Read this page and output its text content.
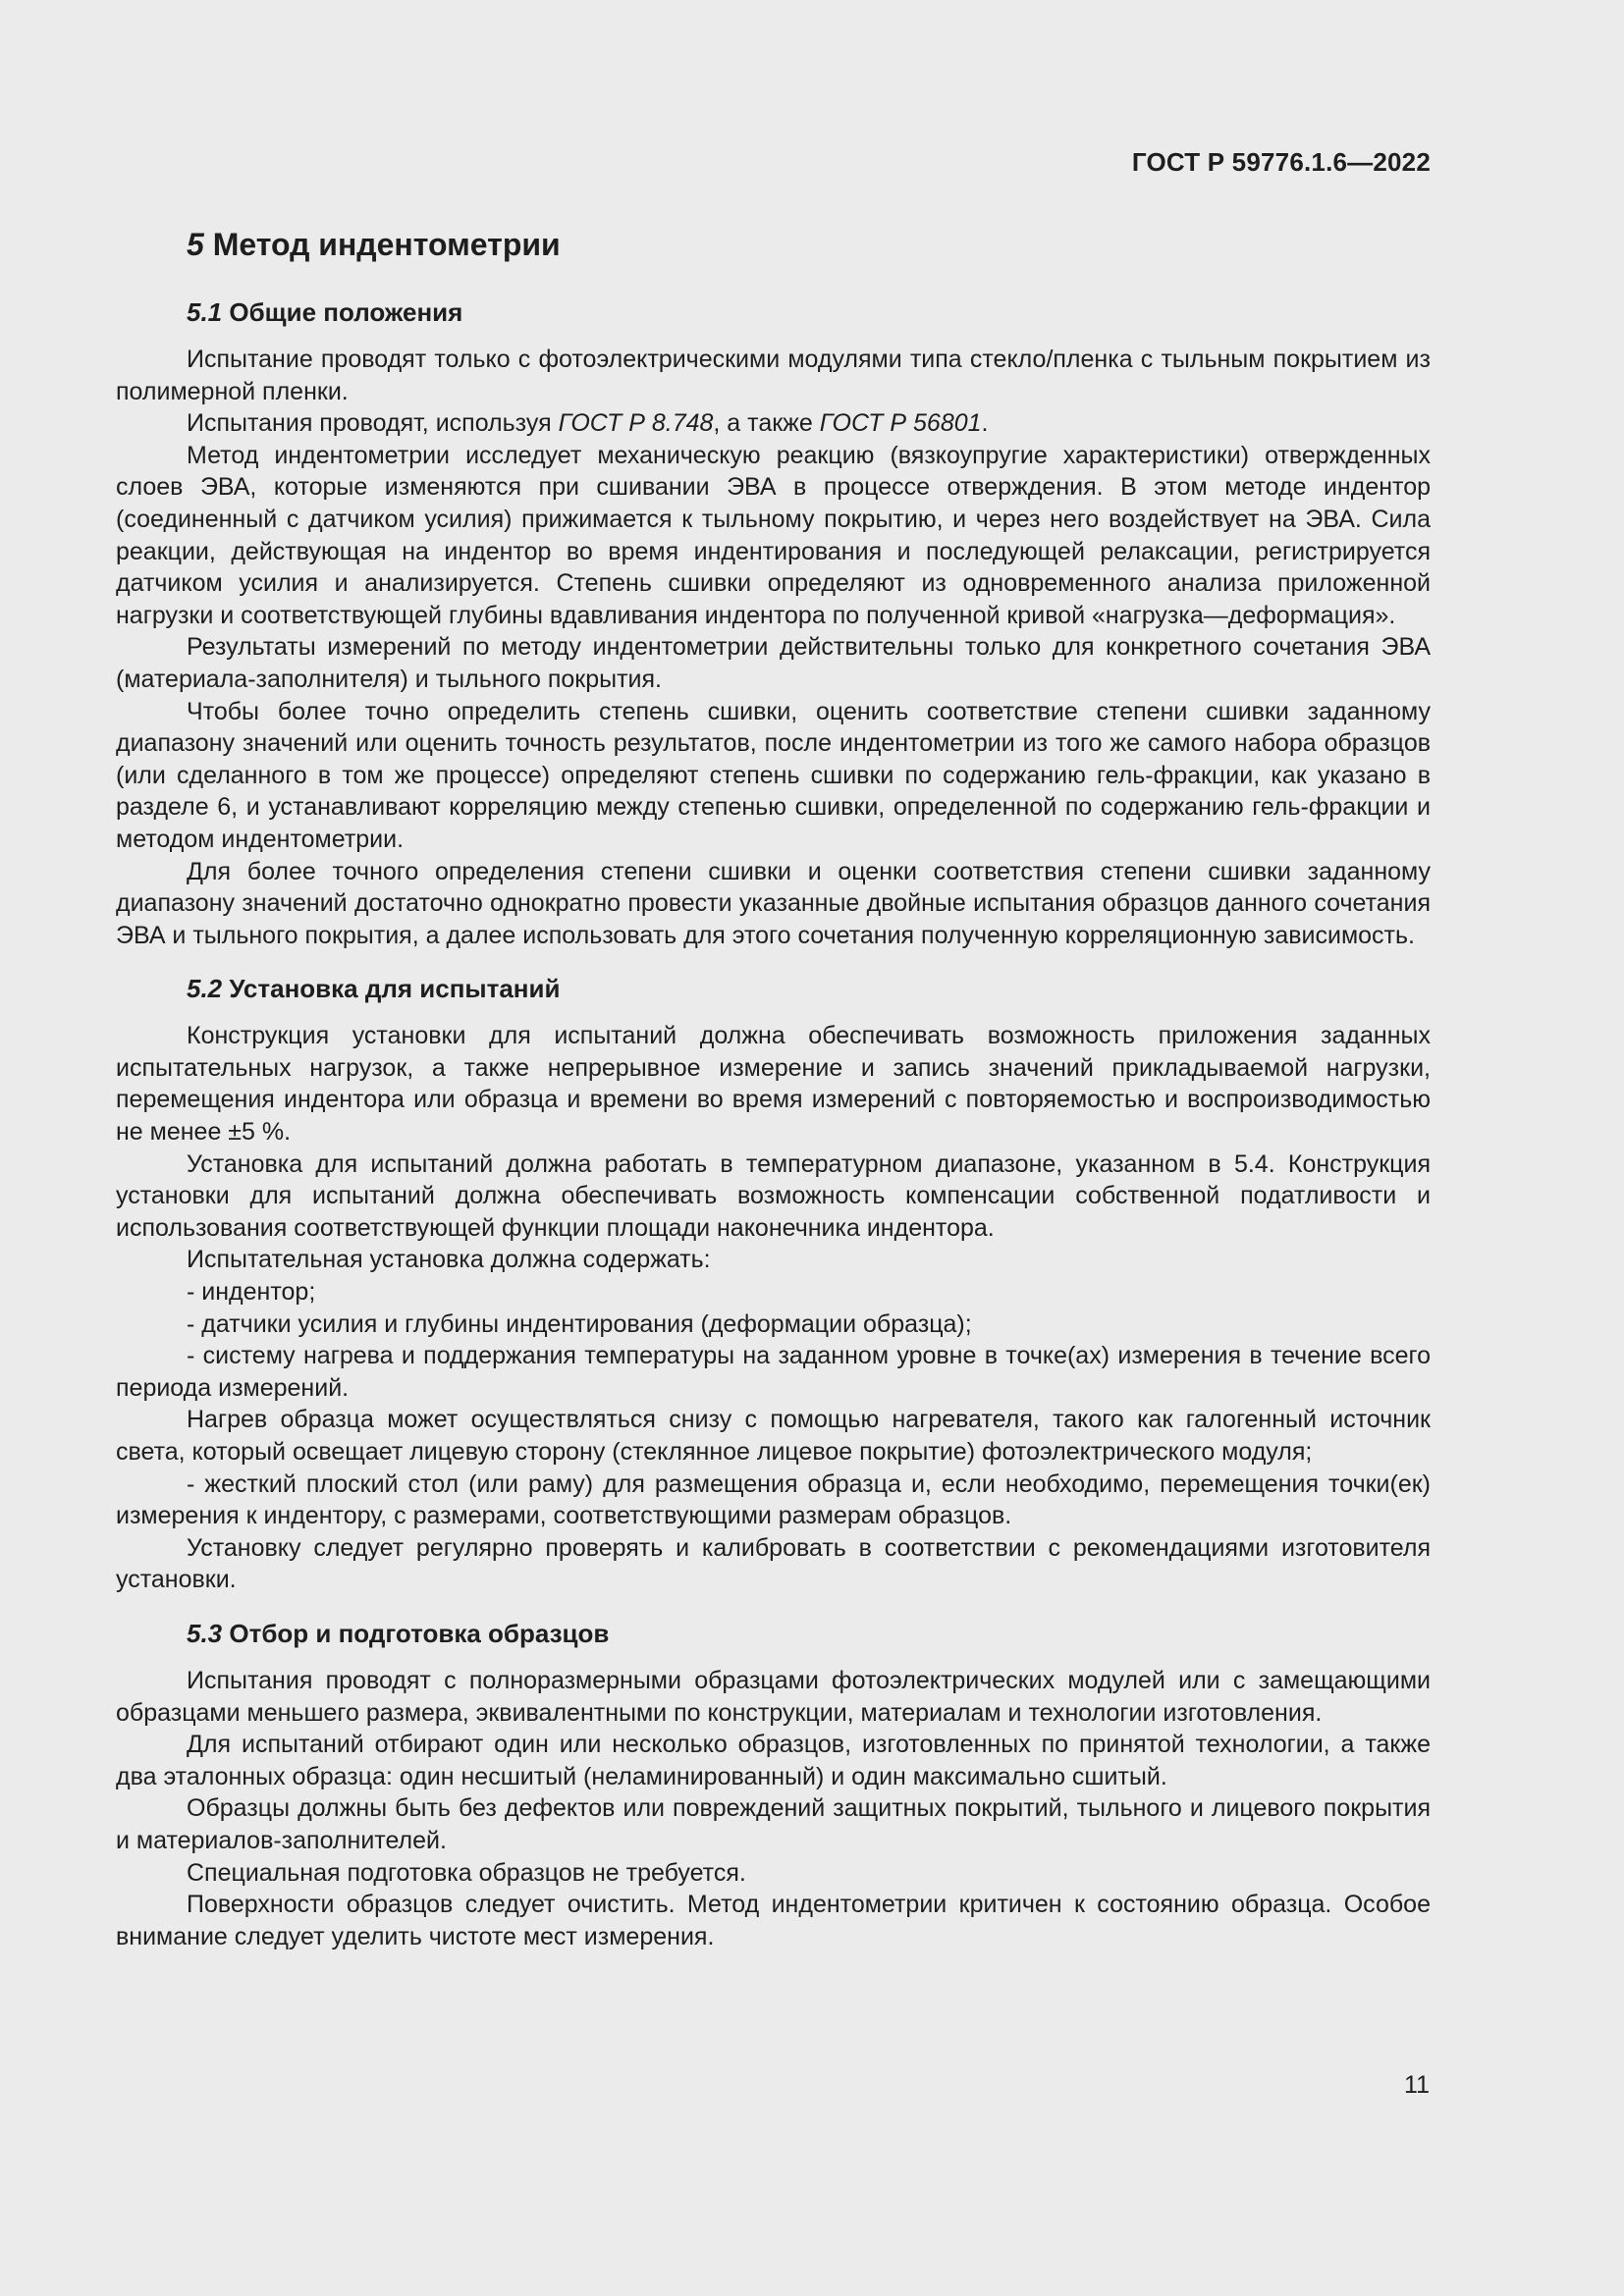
ГОСТ Р 59776.1.6—2022
5 Метод индентометрии
5.1 Общие положения

Испытание проводят только с фотоэлектрическими модулями типа стекло/пленка с тыльным покрытием из полимерной пленки.

Испытания проводят, используя ГОСТ Р 8.748, а также ГОСТ Р 56801.

Метод индентометрии исследует механическую реакцию (вязкоупругие характеристики) отвержденных слоев ЭВА, которые изменяются при сшивании ЭВА в процессе отверждения. В этом методе индентор (соединенный с датчиком усилия) прижимается к тыльному покрытию, и через него воздействует на ЭВА. Сила реакции, действующая на индентор во время индентирования и последующей релаксации, регистрируется датчиком усилия и анализируется. Степень сшивки определяют из одновременного анализа приложенной нагрузки и соответствующей глубины вдавливания индентора по полученной кривой «нагрузка—деформация».

Результаты измерений по методу индентометрии действительны только для конкретного сочетания ЭВА (материала-заполнителя) и тыльного покрытия.

Чтобы более точно определить степень сшивки, оценить соответствие степени сшивки заданному диапазону значений или оценить точность результатов, после индентометрии из того же самого набора образцов (или сделанного в том же процессе) определяют степень сшивки по содержанию гель-фракции, как указано в разделе 6, и устанавливают корреляцию между степенью сшивки, определенной по содержанию гель-фракции и методом индентометрии.

Для более точного определения степени сшивки и оценки соответствия степени сшивки заданному диапазону значений достаточно однократно провести указанные двойные испытания образцов данного сочетания ЭВА и тыльного покрытия, а далее использовать для этого сочетания полученную корреляционную зависимость.

5.2 Установка для испытаний

Конструкция установки для испытаний должна обеспечивать возможность приложения заданных испытательных нагрузок, а также непрерывное измерение и запись значений прикладываемой нагрузки, перемещения индентора или образца и времени во время измерений с повторяемостью и воспроизводимостью не менее ±5 %.

Установка для испытаний должна работать в температурном диапазоне, указанном в 5.4. Конструкция установки для испытаний должна обеспечивать возможность компенсации собственной податливости и использования соответствующей функции площади наконечника индентора.

Испытательная установка должна содержать:

- индентор;

- датчики усилия и глубины индентирования (деформации образца);

- систему нагрева и поддержания температуры на заданном уровне в точке(ах) измерения в течение всего периода измерений.

Нагрев образца может осуществляться снизу с помощью нагревателя, такого как галогенный источник света, который освещает лицевую сторону (стеклянное лицевое покрытие) фотоэлектрического модуля;

- жесткий плоский стол (или раму) для размещения образца и, если необходимо, перемещения точки(ек) измерения к индентору, с размерами, соответствующими размерам образцов.

Установку следует регулярно проверять и калибровать в соответствии с рекомендациями изготовителя установки.

5.3 Отбор и подготовка образцов

Испытания проводят с полноразмерными образцами фотоэлектрических модулей или с замещающими образцами меньшего размера, эквивалентными по конструкции, материалам и технологии изготовления.

Для испытаний отбирают один или несколько образцов, изготовленных по принятой технологии, а также два эталонных образца: один несшитый (неламинированный) и один максимально сшитый.

Образцы должны быть без дефектов или повреждений защитных покрытий, тыльного и лицевого покрытия и материалов-заполнителей.

Специальная подготовка образцов не требуется.

Поверхности образцов следует очистить. Метод индентометрии критичен к состоянию образца. Особое внимание следует уделить чистоте мест измерения.

11
